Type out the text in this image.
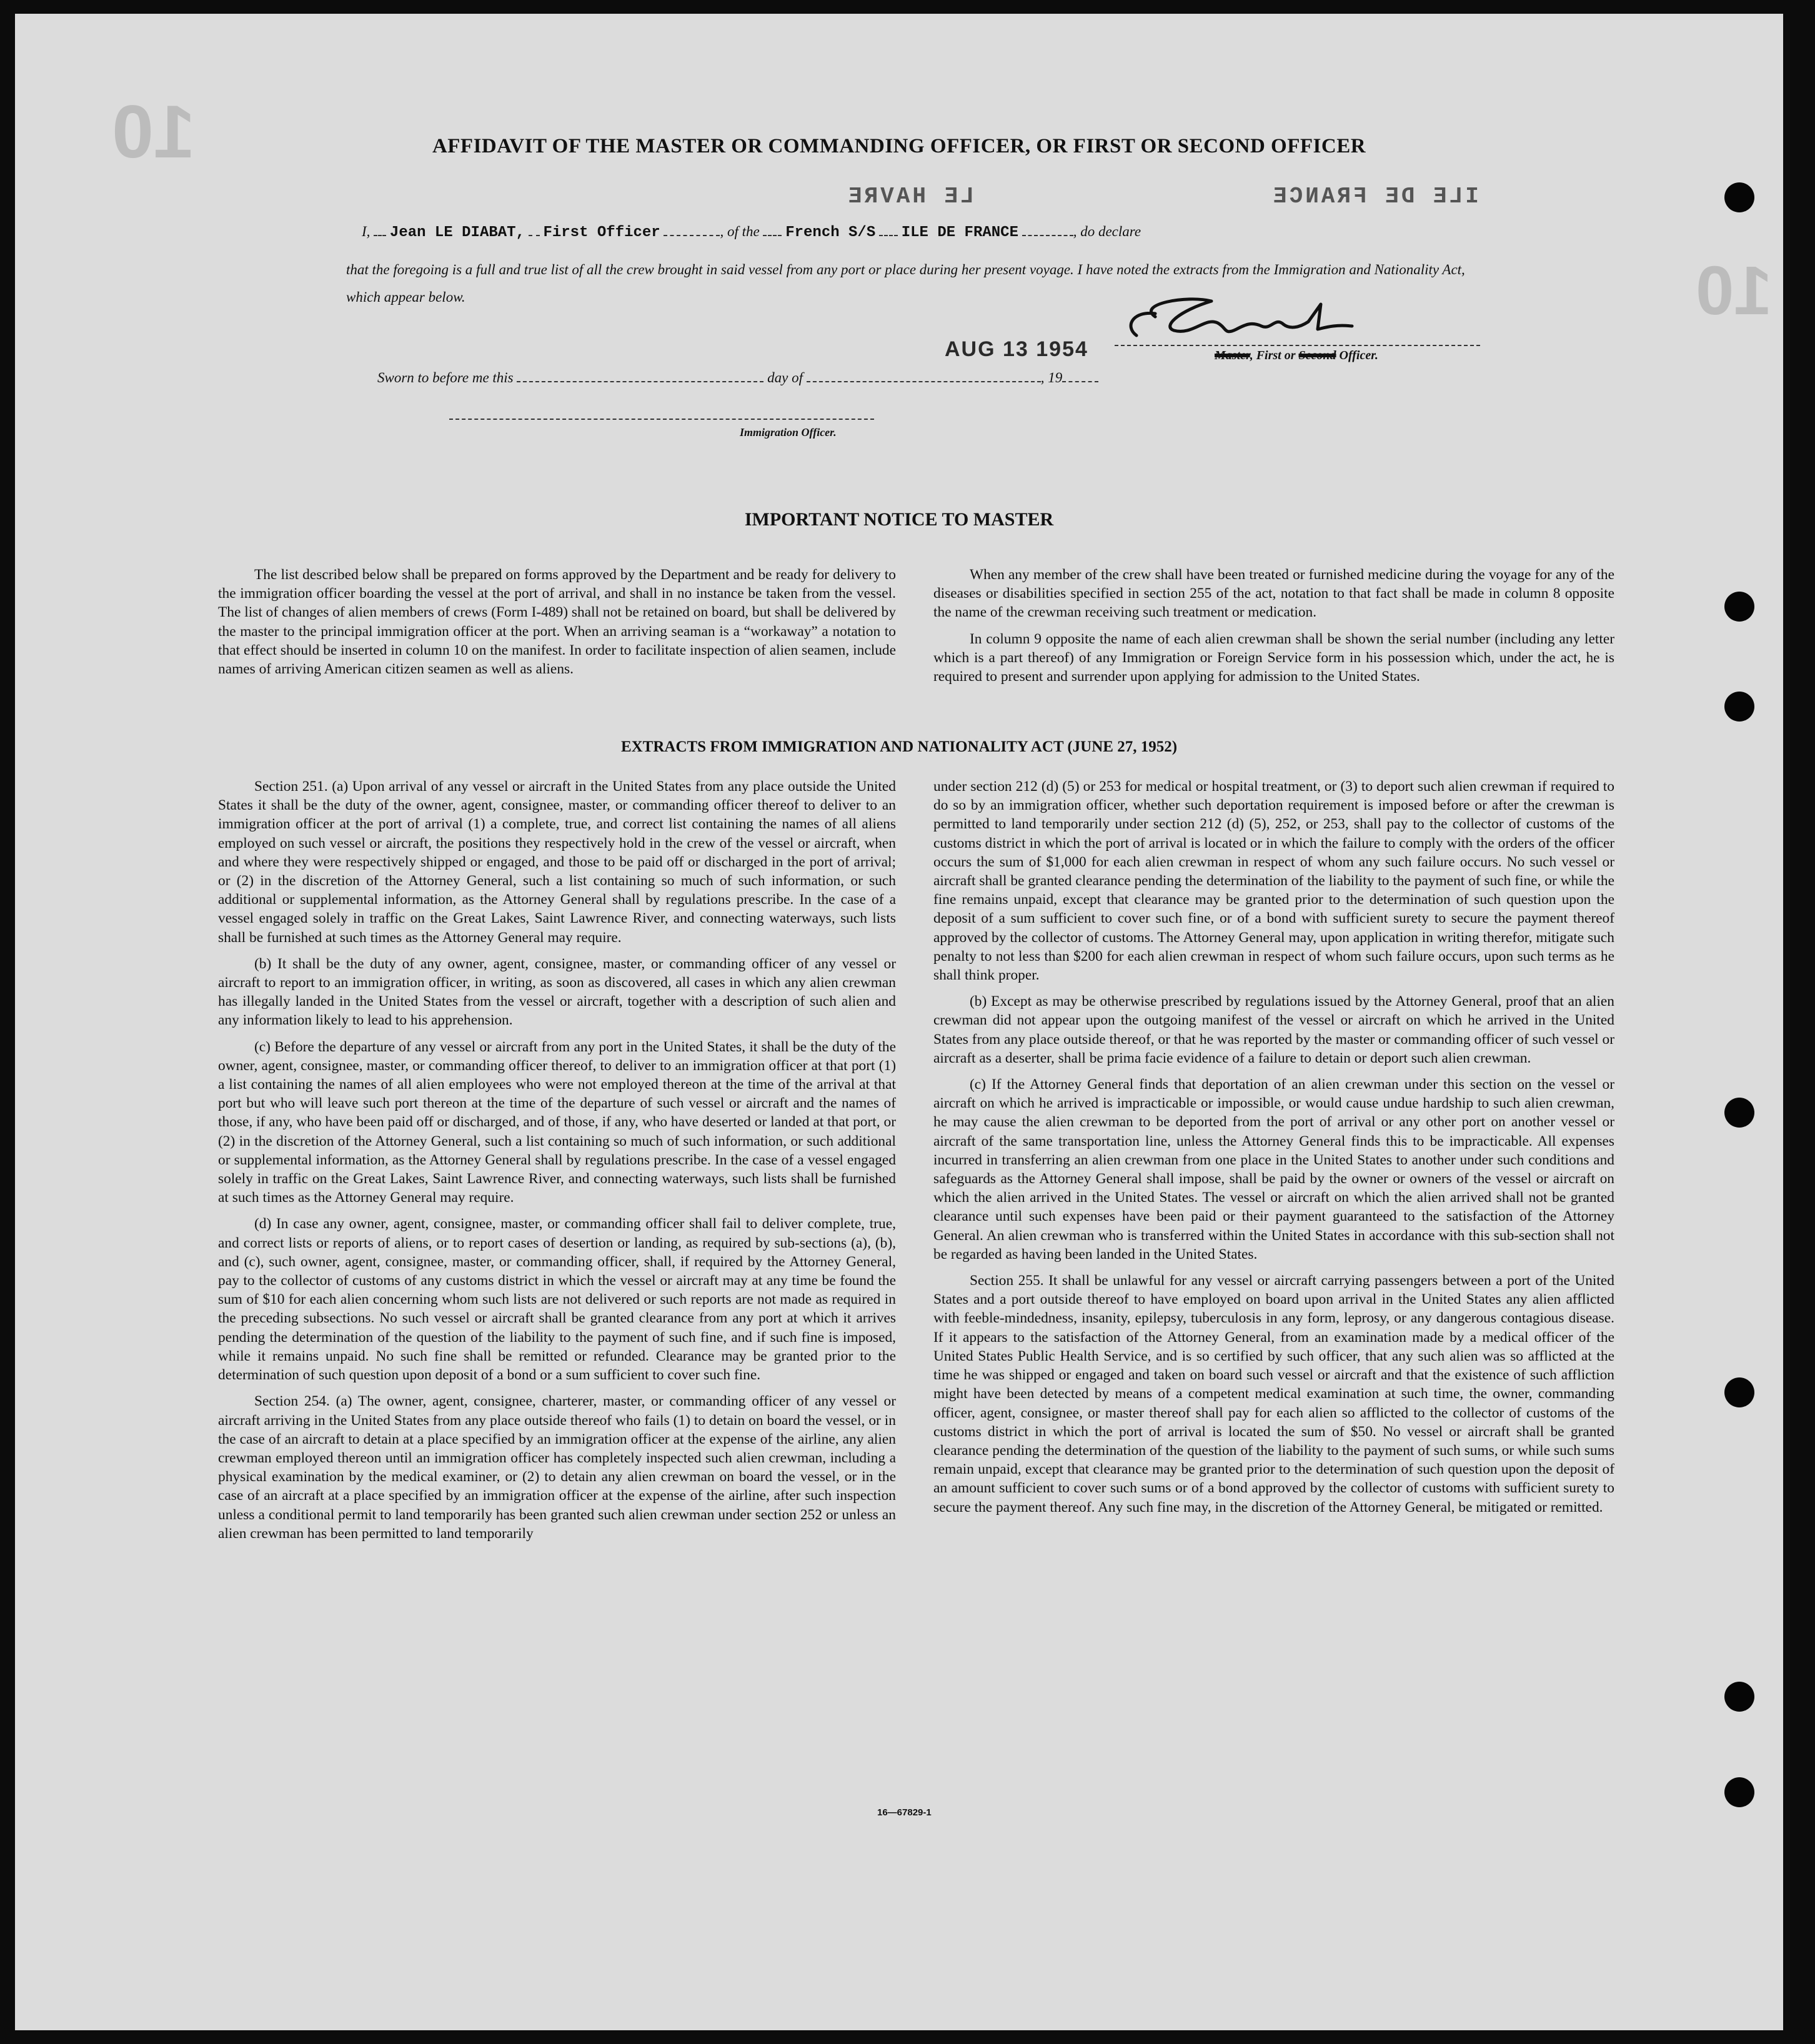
10
10
AFFIDAVIT OF THE MASTER OR COMMANDING OFFICER, OR FIRST OR SECOND OFFICER
LE HAVRE	ILE DE FRANCE
I, Jean LE DIABAT, First Officer	, of the French S/S ILE DE FRANCE	, do declare
that the foregoing is a full and true list of all the crew brought in said vessel from any port or place during her present voyage. I have noted the extracts from the Immigration and Nationality Act, which appear below.
AUG 13 1954	Master, First or Second Officer.
Sworn to before me this	day of	, 19
Immigration Officer.
IMPORTANT NOTICE TO MASTER

The list described below shall be prepared on forms approved by the Department and be ready for delivery to the immigration officer boarding the vessel at the port of arrival, and shall in no instance be taken from the vessel. The list of changes of alien members of crews (Form I-489) shall not be retained on board, but shall be delivered by the master to the principal immigration officer at the port. When an arriving seaman is a “workaway” a notation to that effect should be inserted in column 10 on the manifest. In order to facilitate inspection of alien seamen, include names of arriving American citizen seamen as well as aliens.

When any member of the crew shall have been treated or furnished medicine during the voyage for any of the diseases or disabilities specified in section 255 of the act, notation to that fact shall be made in column 8 opposite the name of the crewman receiving such treatment or medication.

In column 9 opposite the name of each alien crewman shall be shown the serial number (including any letter which is a part thereof) of any Immigration or Foreign Service form in his possession which, under the act, he is required to present and surrender upon applying for admission to the United States.

EXTRACTS FROM IMMIGRATION AND NATIONALITY ACT (JUNE 27, 1952)

Section 251. (a) Upon arrival of any vessel or aircraft in the United States from any place outside the United States it shall be the duty of the owner, agent, consignee, master, or commanding officer thereof to deliver to an immigration officer at the port of arrival (1) a complete, true, and correct list containing the names of all aliens employed on such vessel or aircraft, the positions they respectively hold in the crew of the vessel or aircraft, when and where they were respectively shipped or engaged, and those to be paid off or discharged in the port of arrival; or (2) in the discretion of the Attorney General, such a list containing so much of such information, or such additional or supplemental information, as the Attorney General shall by regulations prescribe. In the case of a vessel engaged solely in traffic on the Great Lakes, Saint Lawrence River, and connecting waterways, such lists shall be furnished at such times as the Attorney General may require.

(b) It shall be the duty of any owner, agent, consignee, master, or commanding officer of any vessel or aircraft to report to an immigration officer, in writing, as soon as discovered, all cases in which any alien crewman has illegally landed in the United States from the vessel or aircraft, together with a description of such alien and any information likely to lead to his apprehension.

(c) Before the departure of any vessel or aircraft from any port in the United States, it shall be the duty of the owner, agent, consignee, master, or commanding officer thereof, to deliver to an immigration officer at that port (1) a list containing the names of all alien employees who were not employed thereon at the time of the arrival at that port but who will leave such port thereon at the time of the departure of such vessel or aircraft and the names of those, if any, who have been paid off or discharged, and of those, if any, who have deserted or landed at that port, or (2) in the discretion of the Attorney General, such a list containing so much of such information, or such additional or supplemental information, as the Attorney General shall by regulations prescribe. In the case of a vessel engaged solely in traffic on the Great Lakes, Saint Lawrence River, and connecting waterways, such lists shall be furnished at such times as the Attorney General may require.

(d) In case any owner, agent, consignee, master, or commanding officer shall fail to deliver complete, true, and correct lists or reports of aliens, or to report cases of desertion or landing, as required by sub-sections (a), (b), and (c), such owner, agent, consignee, master, or commanding officer, shall, if required by the Attorney General, pay to the collector of customs of any customs district in which the vessel or aircraft may at any time be found the sum of $10 for each alien concerning whom such lists are not delivered or such reports are not made as required in the preceding subsections. No such vessel or aircraft shall be granted clearance from any port at which it arrives pending the determination of the question of the liability to the payment of such fine, and if such fine is imposed, while it remains unpaid. No such fine shall be remitted or refunded. Clearance may be granted prior to the determination of such question upon deposit of a bond or a sum sufficient to cover such fine.

Section 254. (a) The owner, agent, consignee, charterer, master, or commanding officer of any vessel or aircraft arriving in the United States from any place outside thereof who fails (1) to detain on board the vessel, or in the case of an aircraft to detain at a place specified by an immigration officer at the expense of the airline, any alien crewman employed thereon until an immigration officer has completely inspected such alien crewman, including a physical examination by the medical examiner, or (2) to detain any alien crewman on board the vessel, or in the case of an aircraft at a place specified by an immigration officer at the expense of the airline, after such inspection unless a conditional permit to land temporarily has been granted such alien crewman under section 252 or unless an alien crewman has been permitted to land temporarily

under section 212 (d) (5) or 253 for medical or hospital treatment, or (3) to deport such alien crewman if required to do so by an immigration officer, whether such deportation requirement is imposed before or after the crewman is permitted to land temporarily under section 212 (d) (5), 252, or 253, shall pay to the collector of customs of the customs district in which the port of arrival is located or in which the failure to comply with the orders of the officer occurs the sum of $1,000 for each alien crewman in respect of whom any such failure occurs. No such vessel or aircraft shall be granted clearance pending the determination of the liability to the payment of such fine, or while the fine remains unpaid, except that clearance may be granted prior to the determination of such question upon the deposit of a sum sufficient to cover such fine, or of a bond with sufficient surety to secure the payment thereof approved by the collector of customs. The Attorney General may, upon application in writing therefor, mitigate such penalty to not less than $200 for each alien crewman in respect of whom such failure occurs, upon such terms as he shall think proper.

(b) Except as may be otherwise prescribed by regulations issued by the Attorney General, proof that an alien crewman did not appear upon the outgoing manifest of the vessel or aircraft on which he arrived in the United States from any place outside thereof, or that he was reported by the master or commanding officer of such vessel or aircraft as a deserter, shall be prima facie evidence of a failure to detain or deport such alien crewman.

(c) If the Attorney General finds that deportation of an alien crewman under this section on the vessel or aircraft on which he arrived is impracticable or impossible, or would cause undue hardship to such alien crewman, he may cause the alien crewman to be deported from the port of arrival or any other port on another vessel or aircraft of the same transportation line, unless the Attorney General finds this to be impracticable. All expenses incurred in transferring an alien crewman from one place in the United States to another under such conditions and safeguards as the Attorney General shall impose, shall be paid by the owner or owners of the vessel or aircraft on which the alien arrived in the United States. The vessel or aircraft on which the alien arrived shall not be granted clearance until such expenses have been paid or their payment guaranteed to the satisfaction of the Attorney General. An alien crewman who is transferred within the United States in accordance with this sub-section shall not be regarded as having been landed in the United States.

Section 255. It shall be unlawful for any vessel or aircraft carrying passengers between a port of the United States and a port outside thereof to have employed on board upon arrival in the United States any alien afflicted with feeble-mindedness, insanity, epilepsy, tuberculosis in any form, leprosy, or any dangerous contagious disease. If it appears to the satisfaction of the Attorney General, from an examination made by a medical officer of the United States Public Health Service, and is so certified by such officer, that any such alien was so afflicted at the time he was shipped or engaged and taken on board such vessel or aircraft and that the existence of such affliction might have been detected by means of a competent medical examination at such time, the owner, commanding officer, agent, consignee, or master thereof shall pay for each alien so afflicted to the collector of customs of the customs district in which the port of arrival is located the sum of $50. No vessel or aircraft shall be granted clearance pending the determination of the question of the liability to the payment of such sums, or while such sums remain unpaid, except that clearance may be granted prior to the determination of such question upon the deposit of an amount sufficient to cover such sums or of a bond approved by the collector of customs with sufficient surety to secure the payment thereof. Any such fine may, in the discretion of the Attorney General, be mitigated or remitted.

16—67829-1
